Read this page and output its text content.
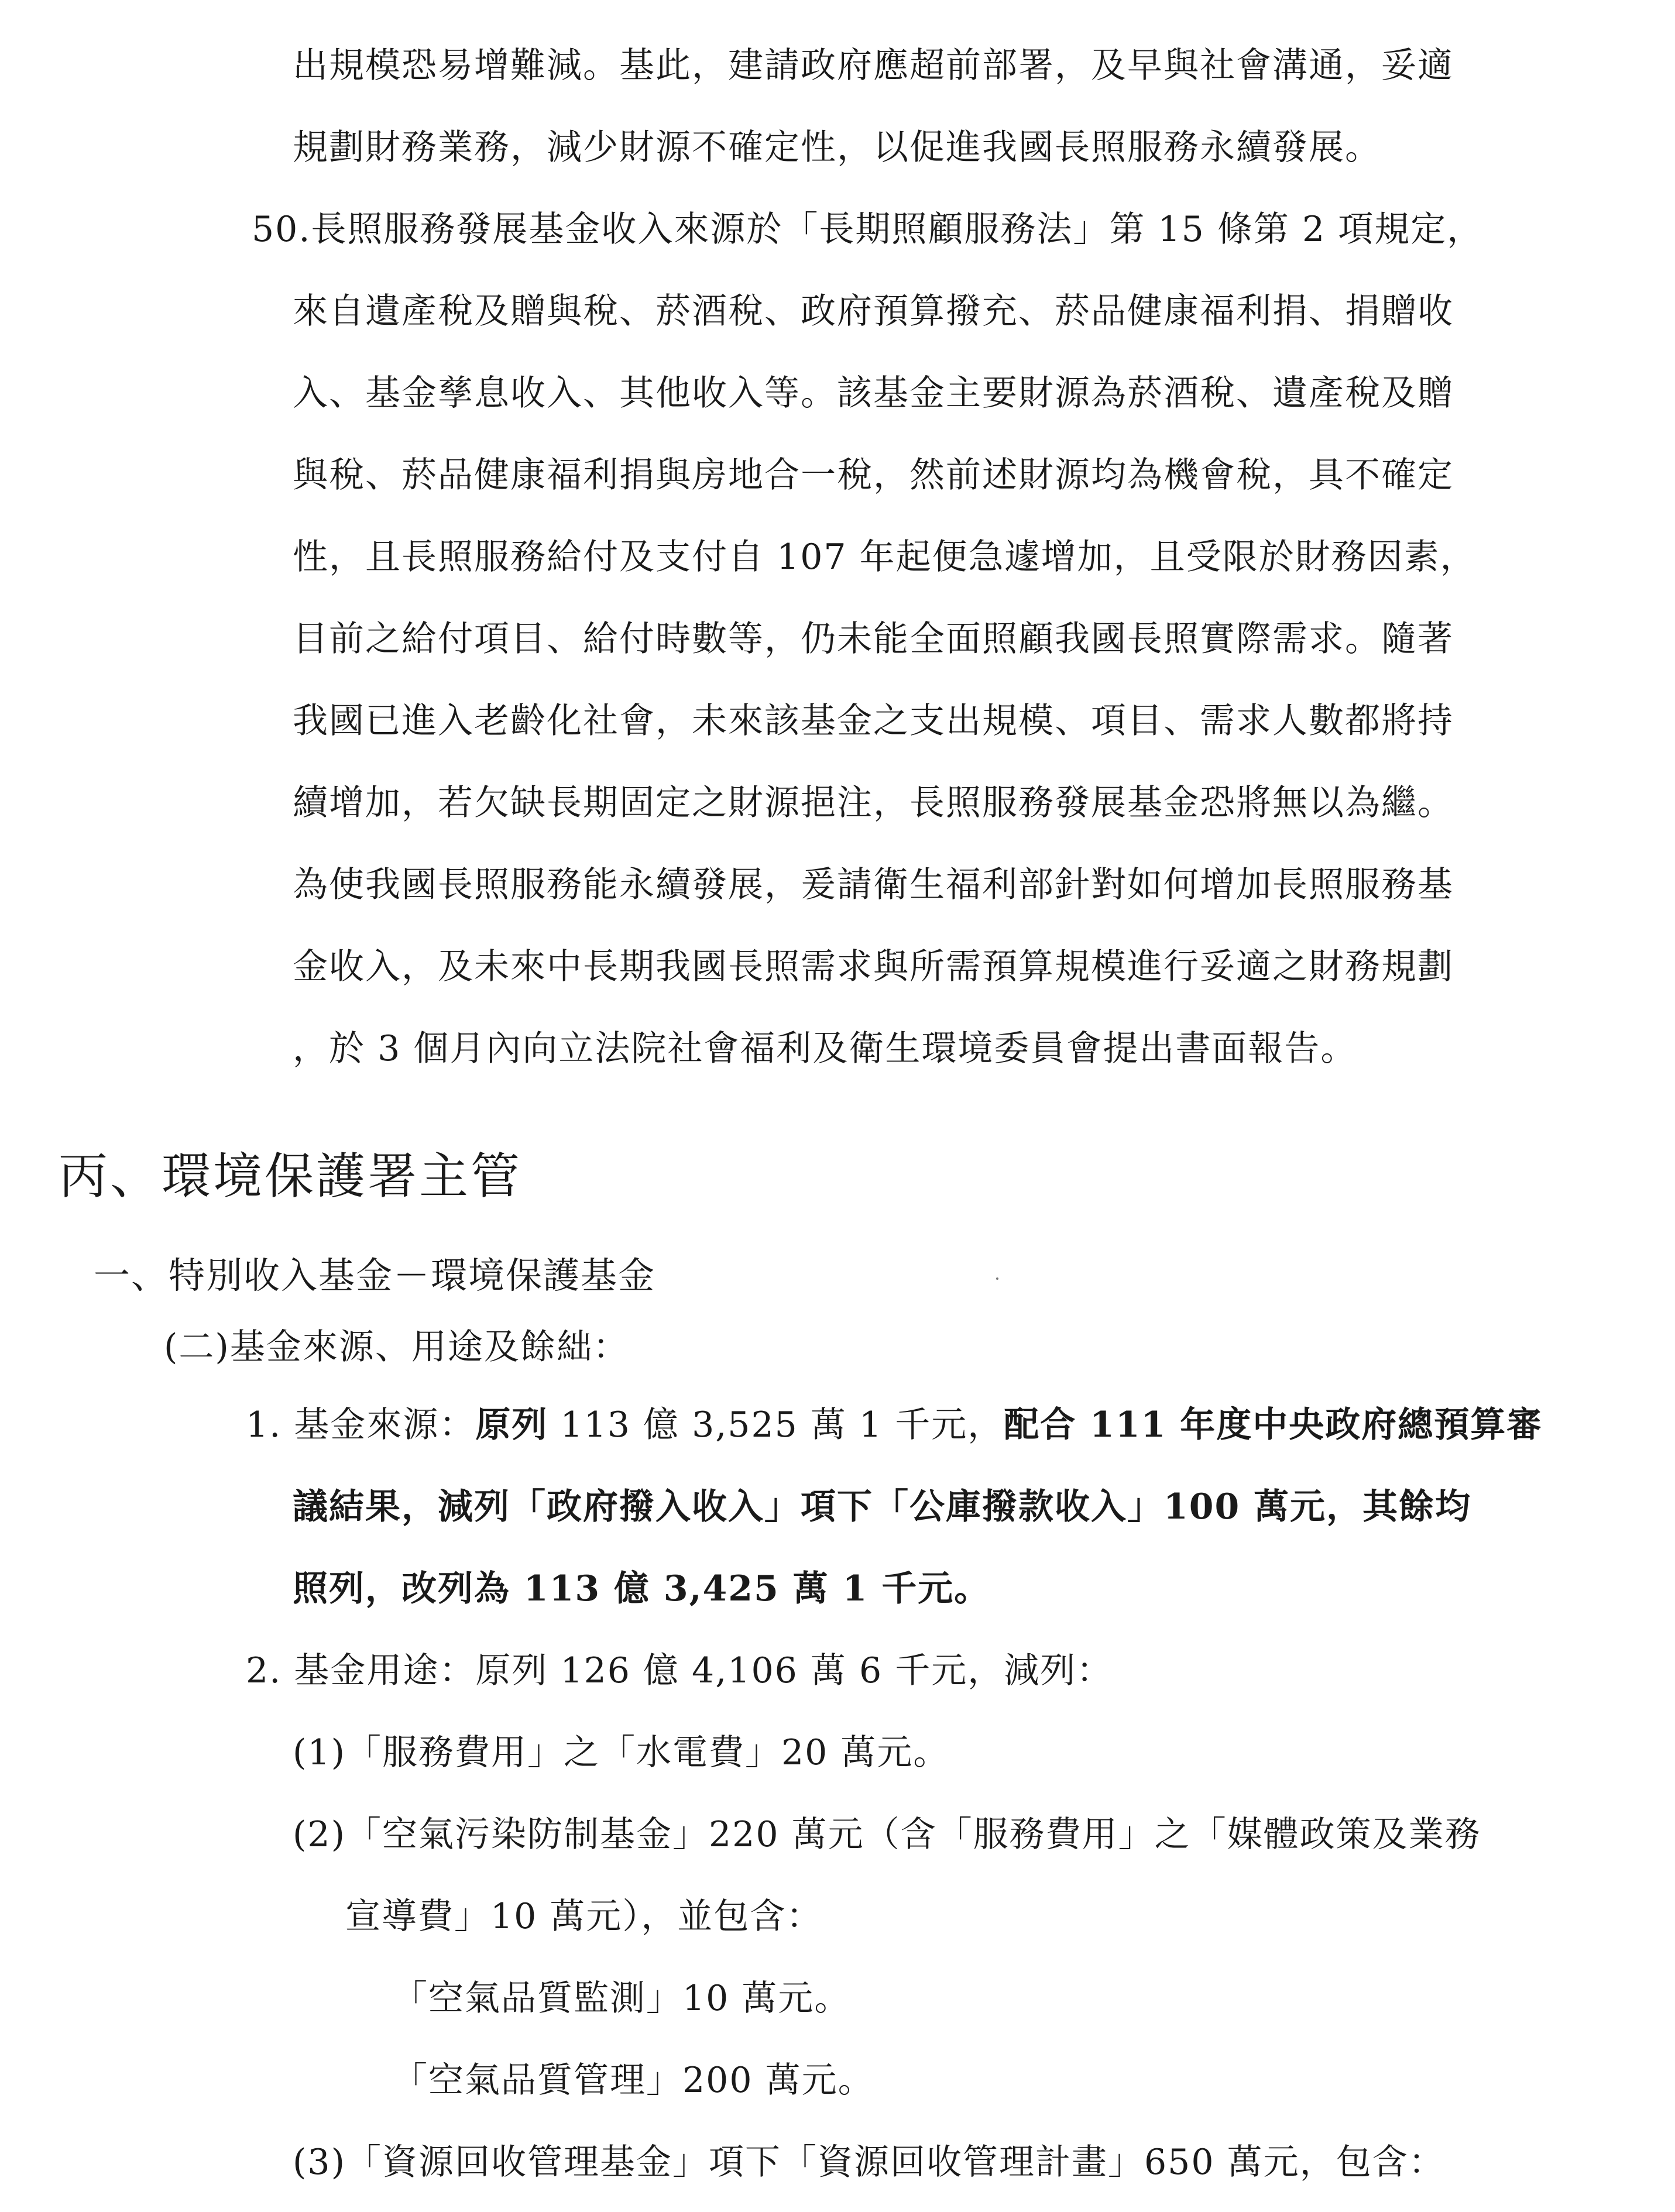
出規模恐易增難減。基此，建請政府應超前部署，及早與社會溝通，妥適
規劃財務業務，減少財源不確定性，以促進我國長照服務永續發展。
50.長照服務發展基金收入來源於「長期照顧服務法」第 15 條第 2 項規定，
來自遺產稅及贈與稅、菸酒稅、政府預算撥充、菸品健康福利捐、捐贈收
入、基金孳息收入、其他收入等。該基金主要財源為菸酒稅、遺產稅及贈
與稅、菸品健康福利捐與房地合一稅，然前述財源均為機會稅，具不確定
性，且長照服務給付及支付自 107 年起便急遽增加，且受限於財務因素，
目前之給付項目、給付時數等，仍未能全面照顧我國長照實際需求。隨著
我國已進入老齡化社會，未來該基金之支出規模、項目、需求人數都將持
續增加，若欠缺長期固定之財源挹注，長照服務發展基金恐將無以為繼。
為使我國長照服務能永續發展，爰請衛生福利部針對如何增加長照服務基
金收入，及未來中長期我國長照需求與所需預算規模進行妥適之財務規劃
，於 3 個月內向立法院社會福利及衛生環境委員會提出書面報告。
丙、環境保護署主管
一、特別收入基金－環境保護基金
(二)基金來源、用途及餘絀：
1. 基金來源：原列 113 億 3,525 萬 1 千元，配合 111 年度中央政府總預算審
議結果，減列「政府撥入收入」項下「公庫撥款收入」100 萬元，其餘均
照列，改列為 113 億 3,425 萬 1 千元。
2. 基金用途：原列 126 億 4,106 萬 6 千元，減列：
(1)「服務費用」之「水電費」20 萬元。
(2)「空氣污染防制基金」220 萬元（含「服務費用」之「媒體政策及業務
宣導費」10 萬元），並包含：
「空氣品質監測」10 萬元。
「空氣品質管理」200 萬元。
(3)「資源回收管理基金」項下「資源回收管理計畫」650 萬元，包含：
